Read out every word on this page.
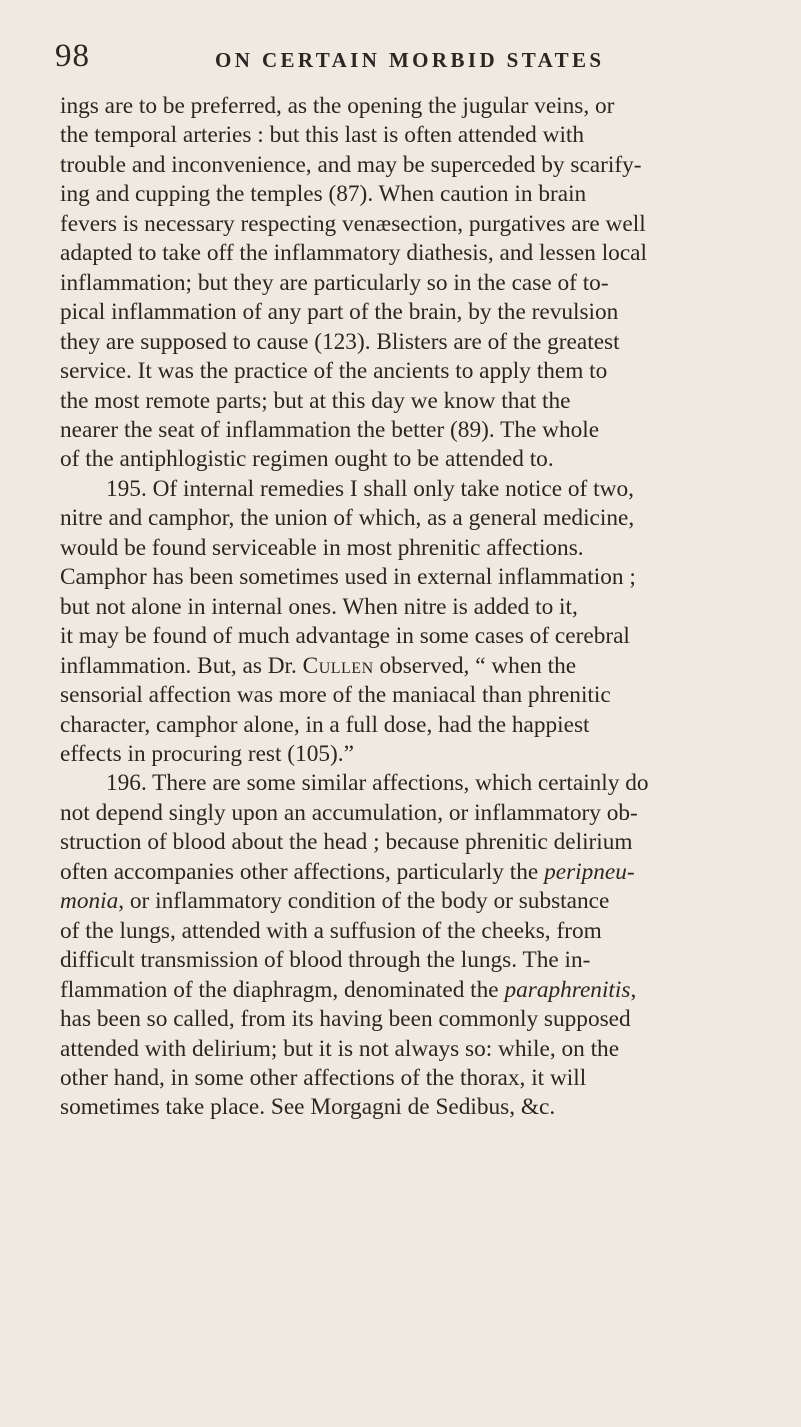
98	ON CERTAIN MORBID STATES
ings are to be preferred, as the opening the jugular veins, or
the temporal arteries : but this last is often attended with
trouble and inconvenience, and may be superceded by scarify-
ing and cupping the temples (87). When caution in brain
fevers is necessary respecting venæsection, purgatives are well
adapted to take off the inflammatory diathesis, and lessen local
inflammation; but they are particularly so in the case of to-
pical inflammation of any part of the brain, by the revulsion
they are supposed to cause (123). Blisters are of the greatest
service. It was the practice of the ancients to apply them to
the most remote parts; but at this day we know that the
nearer the seat of inflammation the better (89). The whole
of the antiphlogistic regimen ought to be attended to.
195. Of internal remedies I shall only take notice of two,
nitre and camphor, the union of which, as a general medicine,
would be found serviceable in most phrenitic affections.
Camphor has been sometimes used in external inflammation ;
but not alone in internal ones. When nitre is added to it,
it may be found of much advantage in some cases of cerebral
inflammation. But, as Dr. Cullen observed, “ when the
sensorial affection was more of the maniacal than phrenitic
character, camphor alone, in a full dose, had the happiest
effects in procuring rest (105).”
196. There are some similar affections, which certainly do
not depend singly upon an accumulation, or inflammatory ob-
struction of blood about the head ; because phrenitic delirium
often accompanies other affections, particularly the peripneu-
monia, or inflammatory condition of the body or substance
of the lungs, attended with a suffusion of the cheeks, from
difficult transmission of blood through the lungs. The in-
flammation of the diaphragm, denominated the paraphrenitis,
has been so called, from its having been commonly supposed
attended with delirium; but it is not always so: while, on the
other hand, in some other affections of the thorax, it will
sometimes take place. See Morgagni de Sedibus, &c.
